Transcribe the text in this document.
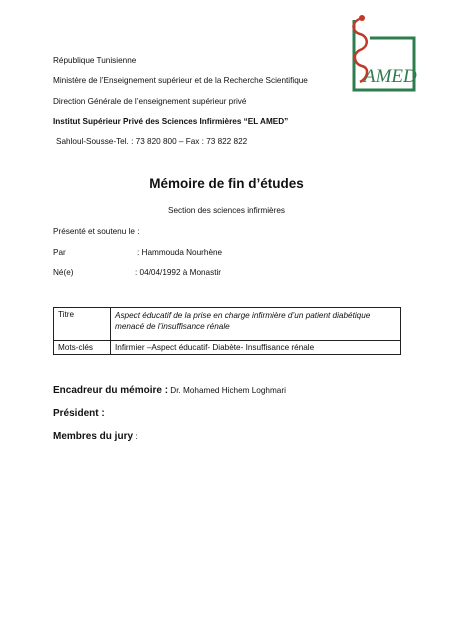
République Tunisienne
Ministère de l’Enseignement supérieur et de la Recherche Scientifique
Direction Générale de l’enseignement supérieur privé
Institut Supérieur Privé des Sciences Infirmières “EL AMED”
Sahloul-Sousse-Tel. : 73 820 800 – Fax : 73 822 822
AMED
Mémoire de fin d’études
Section des sciences infirmières
Présenté et soutenu le :
Par	: Hammouda Nourhène
Né(e)	: 04/04/1992 à Monastir
Titre	Aspect éducatif de la prise en charge infirmière d’un patient diabétique menacé de l’insuffisance rénale
Mots-clés	Infirmier –Aspect éducatif- Diabète- Insuffisance rénale
Encadreur du mémoire : Dr. Mohamed Hichem Loghmari
Président :
Membres du jury :
